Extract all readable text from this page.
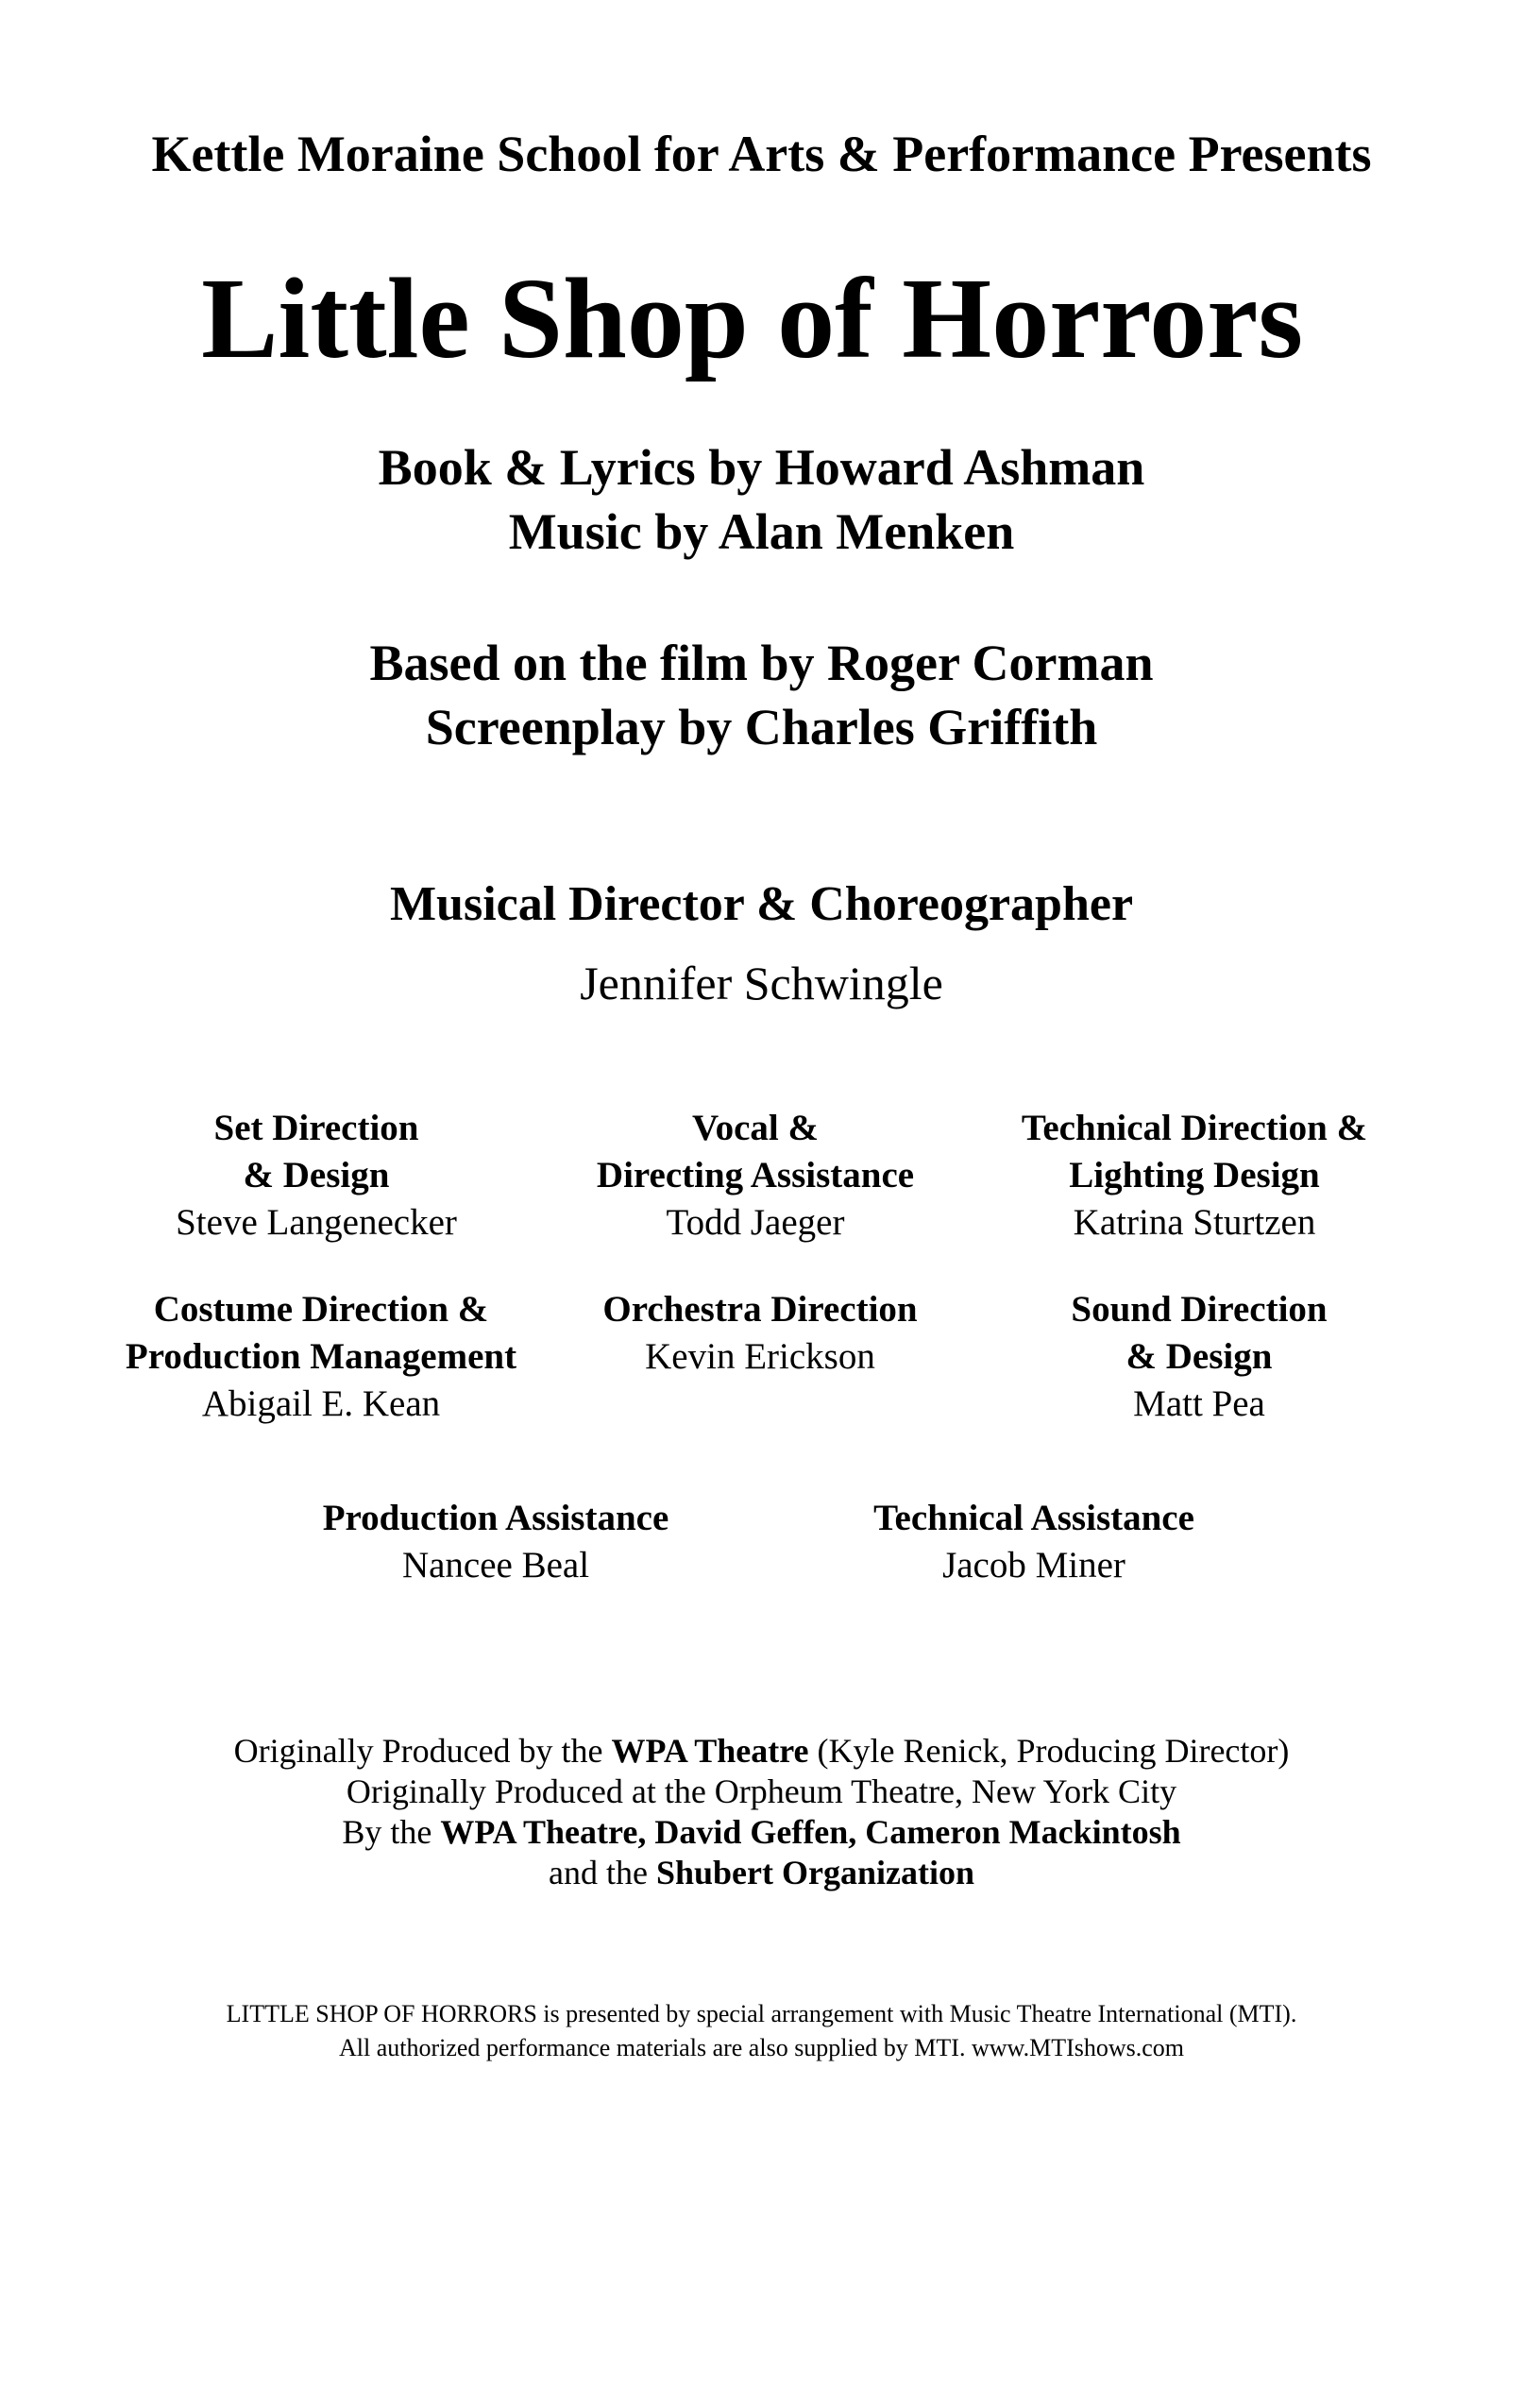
Kettle Moraine School for Arts & Performance Presents
Little Shop of Horrors
Book & Lyrics by Howard Ashman
Music by Alan Menken
Based on the film by Roger Corman
Screenplay by Charles Griffith
Musical Director & Choreographer
Jennifer Schwingle
Set Direction
& Design
Steve Langenecker
Vocal &
Directing Assistance
Todd Jaeger
Technical Direction &
Lighting Design
Katrina Sturtzen
Costume Direction &
Production Management
Abigail E. Kean
Orchestra Direction
Kevin Erickson
Sound Direction
& Design
Matt Pea
Production Assistance
Nancee Beal
Technical Assistance
Jacob Miner
Originally Produced by the WPA Theatre (Kyle Renick, Producing Director)
Originally Produced at the Orpheum Theatre, New York City
By the WPA Theatre, David Geffen, Cameron Mackintosh
and the Shubert Organization
LITTLE SHOP OF HORRORS is presented by special arrangement with Music Theatre International (MTI).
All authorized performance materials are also supplied by MTI. www.MTIshows.com
